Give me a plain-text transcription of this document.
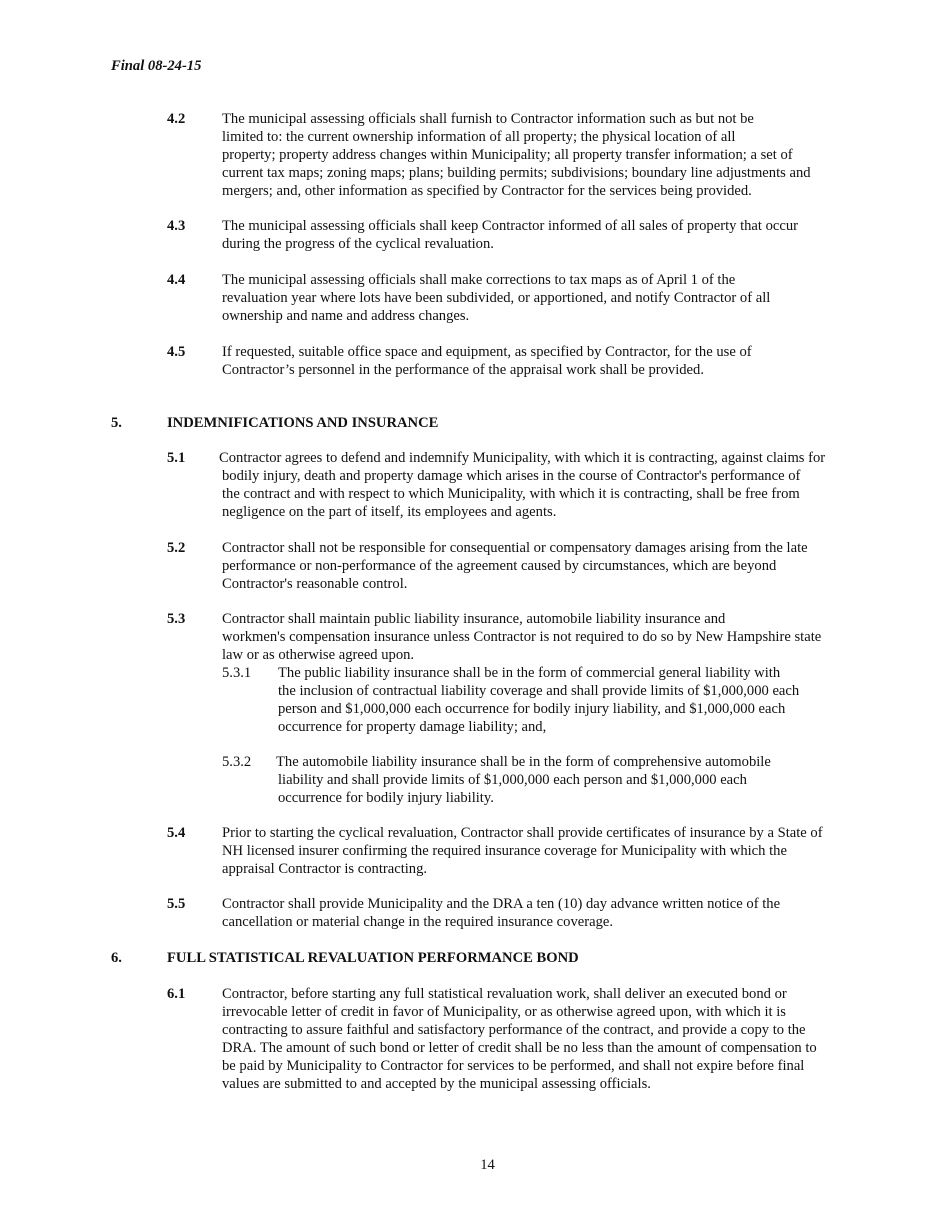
Final 08-24-15
4.2	The municipal assessing officials shall furnish to Contractor information such as but not be
limited to: the current ownership information of all property; the physical location of all
property; property address changes within Municipality; all property transfer information; a set of
current tax maps; zoning maps; plans; building permits; subdivisions; boundary line adjustments and
mergers; and, other information as specified by Contractor for the services being provided.
4.3	The municipal assessing officials shall keep Contractor informed of all sales of property that occur
during the progress of the cyclical revaluation.
4.4	The municipal assessing officials shall make corrections to tax maps as of April 1 of the
revaluation year where lots have been subdivided, or apportioned, and notify Contractor of all
ownership and name and address changes.
4.5	If requested, suitable office space and equipment, as specified by Contractor, for the use of
Contractor’s personnel in the performance of the appraisal work shall be provided.
5.	INDEMNIFICATIONS AND INSURANCE
5.1	Contractor agrees to defend and indemnify Municipality, with which it is contracting, against claims for
bodily injury, death and property damage which arises in the course of Contractor's performance of
the contract and with respect to which Municipality, with which it is contracting, shall be free from
negligence on the part of itself, its employees and agents.
5.2	Contractor shall not be responsible for consequential or compensatory damages arising from the late
performance or non-performance of the agreement caused by circumstances, which are beyond
Contractor's reasonable control.
5.3	Contractor shall maintain public liability insurance, automobile liability insurance and
workmen's compensation insurance unless Contractor is not required to do so by New Hampshire state
law or as otherwise agreed upon.
5.3.1 The public liability insurance shall be in the form of commercial general liability with
the inclusion of contractual liability coverage and shall provide limits of $1,000,000 each
person and $1,000,000 each occurrence for bodily injury liability, and $1,000,000 each
occurrence for property damage liability; and,
5.3.2 The automobile liability insurance shall be in the form of comprehensive automobile
liability and shall provide limits of $1,000,000 each person and $1,000,000 each
occurrence for bodily injury liability.
5.4	Prior to starting the cyclical revaluation, Contractor shall provide certificates of insurance by a State of
NH licensed insurer confirming the required insurance coverage for Municipality with which the
appraisal Contractor is contracting.
5.5	Contractor shall provide Municipality and the DRA a ten (10) day advance written notice of the
cancellation or material change in the required insurance coverage.
6.	FULL STATISTICAL REVALUATION PERFORMANCE BOND
6.1	Contractor, before starting any full statistical revaluation work, shall deliver an executed bond or
irrevocable letter of credit in favor of Municipality, or as otherwise agreed upon, with which it is
contracting to assure faithful and satisfactory performance of the contract, and provide a copy to the
DRA. The amount of such bond or letter of credit shall be no less than the amount of compensation to
be paid by Municipality to Contractor for services to be performed, and shall not expire before final
values are submitted to and accepted by the municipal assessing officials.
14
